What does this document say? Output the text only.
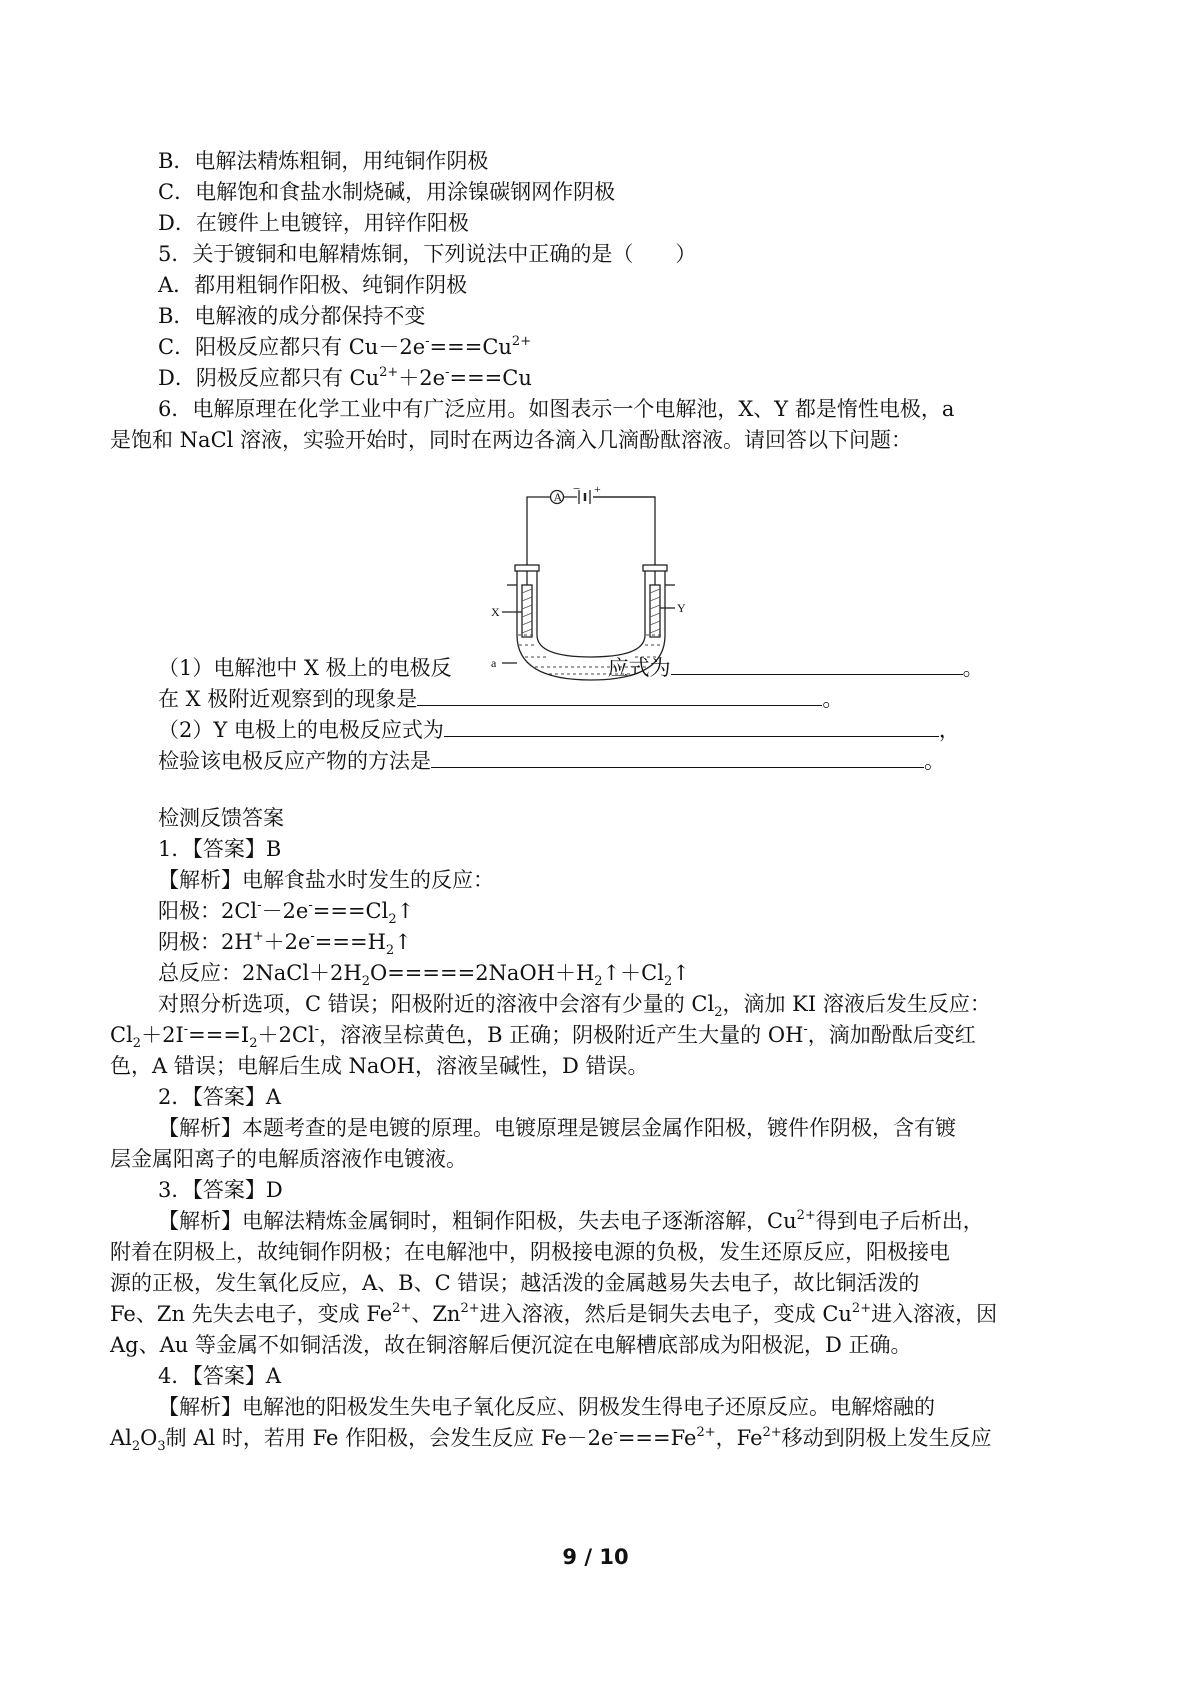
B．电解法精炼粗铜，用纯铜作阴极
C．电解饱和食盐水制烧碱，用涂镍碳钢网作阴极
D．在镀件上电镀锌，用锌作阳极
5．关于镀铜和电解精炼铜，下列说法中正确的是（　　）
A．都用粗铜作阳极、纯铜作阴极
B．电解液的成分都保持不变
C．阳极反应都只有 $Cu-2e^-===Cu^{2+}$
D．阴极反应都只有 $Cu^{2+}+2e^-===Cu$
6．电解原理在化学工业中有广泛应用。如图表示一个电解池，X、Y 都是惰性电极，a
是饱和 NaCl 溶液，实验开始时，同时在两边各滴入几滴酚酞溶液。请回答以下问题：
A
− +
X	Y
a
（1）电解池中 X 极上的电极反	应式为	。
在 X 极附近观察到的现象是	。
（2）Y 电极上的电极反应式为	，
检验该电极反应产物的方法是	。
检测反馈答案
1．【答案】B
【解析】电解食盐水时发生的反应：
阳极：$2Cl^--2e^-===Cl_2↑$
阴极：$2H^++2e^-===H_2↑$
总反应：$2NaCl+2H_2O=====2NaOH+H_2↑+Cl_2↑$
对照分析选项，C 错误；阳极附近的溶液中会溶有少量的 $Cl_2$，滴加 KI 溶液后发生反应：
$Cl_2+2I^-===I_2+2Cl^-$，溶液呈棕黄色，B 正确；阴极附近产生大量的 OH-，滴加酚酞后变红
色，A 错误；电解后生成 NaOH，溶液呈碱性，D 错误。
2．【答案】A
【解析】本题考查的是电镀的原理。电镀原理是镀层金属作阳极，镀件作阴极，含有镀
层金属阳离子的电解质溶液作电镀液。
3．【答案】D
【解析】电解法精炼金属铜时，粗铜作阳极，失去电子逐渐溶解，$Cu^{2+}$得到电子后析出，
附着在阴极上，故纯铜作阴极；在电解池中，阴极接电源的负极，发生还原反应，阳极接电
源的正极，发生氧化反应，A、B、C 错误；越活泼的金属越易失去电子，故比铜活泼的
Fe、Zn 先失去电子，变成 $Fe^{2+}$、$Zn^{2+}$进入溶液，然后是铜失去电子，变成 $Cu^{2+}$进入溶液，因
Ag、Au 等金属不如铜活泼，故在铜溶解后便沉淀在电解槽底部成为阳极泥，D 正确。
4．【答案】A
【解析】电解池的阳极发生失电子氧化反应、阴极发生得电子还原反应。电解熔融的
$Al_2O_3$制 Al 时，若用 Fe 作阳极，会发生反应 $Fe-2e^-===Fe^{2+}$，$Fe^{2+}$移动到阴极上发生反应
9 / 10
